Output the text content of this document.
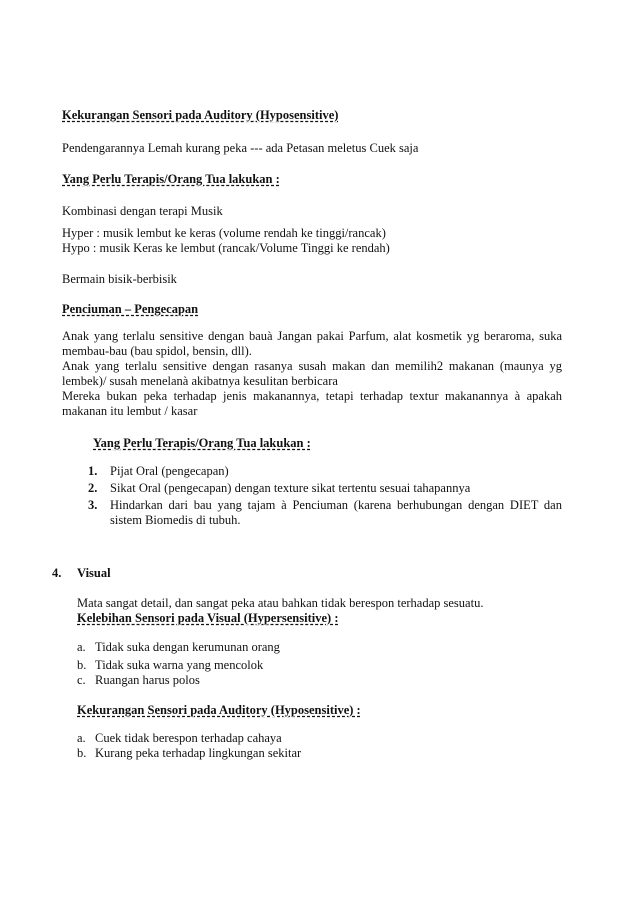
Kekurangan Sensori pada Auditory (Hyposensitive)
Pendengarannya Lemah kurang peka --- ada Petasan meletus Cuek saja
Yang Perlu Terapis/Orang Tua lakukan :
Kombinasi dengan terapi Musik
Hyper : musik lembut ke keras (volume rendah ke tinggi/rancak)
Hypo : musik Keras ke lembut (rancak/Volume Tinggi ke rendah)
Bermain bisik-berbisik
Penciuman – Pengecapan
Anak yang terlalu sensitive dengan bauà Jangan pakai Parfum, alat kosmetik yg beraroma, suka membau-bau (bau spidol, bensin, dll).
Anak yang terlalu sensitive dengan rasanya susah makan dan memilih2 makanan (maunya yg lembek)/ susah menelanà akibatnya kesulitan berbicara
Mereka bukan peka terhadap jenis makanannya, tetapi terhadap textur makanannya à apakah makanan itu lembut / kasar
Yang Perlu Terapis/Orang Tua lakukan :
1.	Pijat Oral (pengecapan)
2.	Sikat Oral (pengecapan) dengan texture sikat tertentu sesuai tahapannya
3.	Hindarkan dari bau yang tajam à Penciuman (karena berhubungan dengan DIET dan sistem Biomedis di tubuh.
4. Visual
Mata sangat detail, dan sangat peka atau bahkan tidak berespon terhadap sesuatu.
Kelebihan Sensori pada Visual (Hypersensitive) :
a. Tidak suka dengan kerumunan orang
b. Tidak suka warna yang mencolok
c. Ruangan harus polos
Kekurangan Sensori pada Auditory (Hyposensitive) :
a. Cuek tidak berespon terhadap cahaya
b. Kurang peka terhadap lingkungan sekitar
